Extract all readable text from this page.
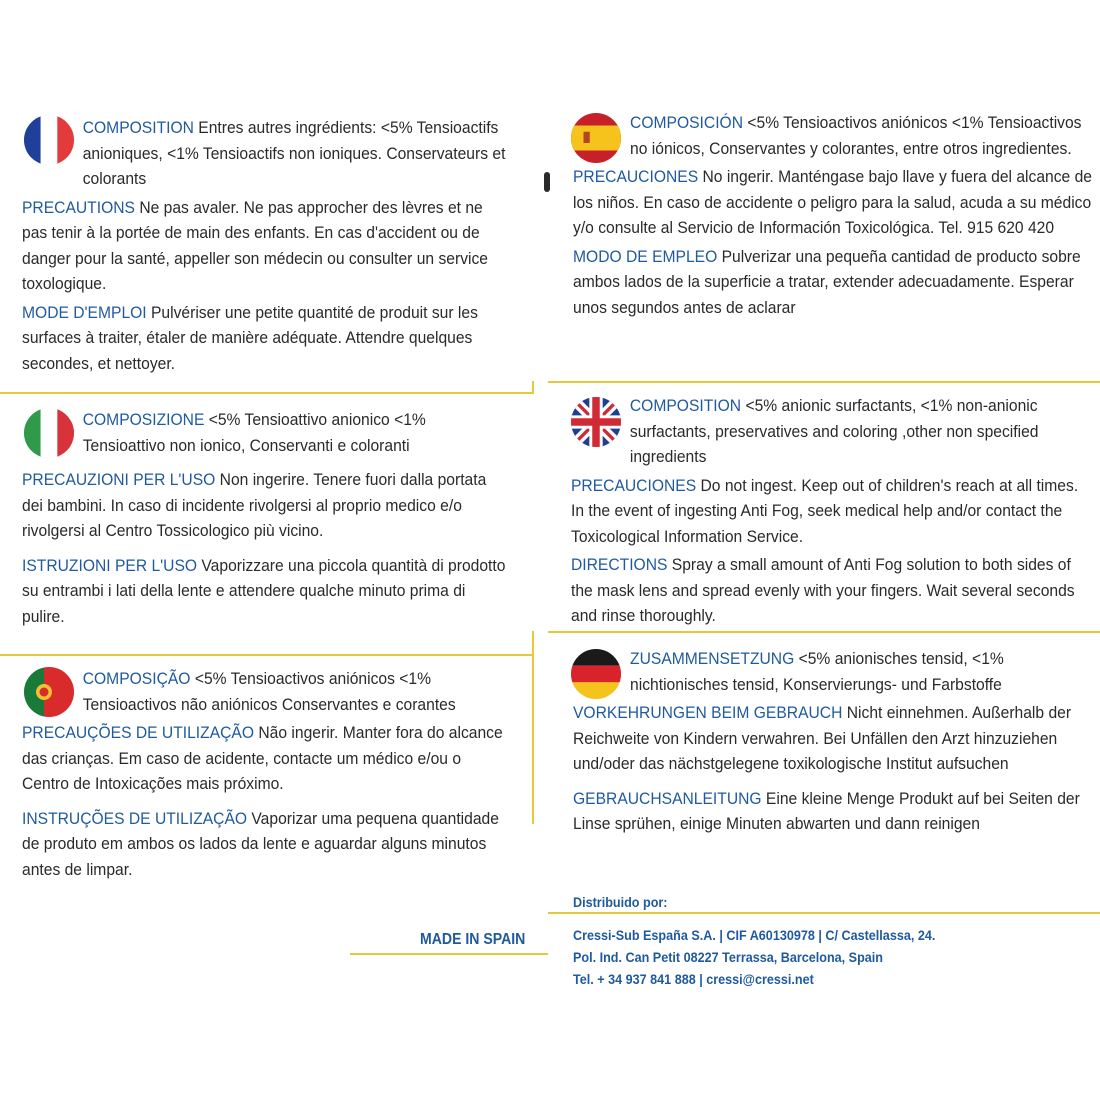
COMPOSITION Entres autres ingrédients: <5% Tensioactifs anioniques, <1% Tensioactifs non ioniques. Conservateurs et colorants

PRECAUTIONS Ne pas avaler. Ne pas approcher des lèvres et ne pas tenir à la portée de main des enfants. En cas d'accident ou de danger pour la santé, appeller son médecin ou consulter un service toxologique.

MODE D'EMPLOI Pulvériser une petite quantité de produit sur les surfaces à traiter, étaler de manière adéquate. Attendre quelques secondes, et nettoyer.

COMPOSIZIONE <5% Tensioattivo anionico <1% Tensioattivo non ionico, Conservanti e coloranti

PRECAUZIONI PER L'USO Non ingerire. Tenere fuori dalla portata dei bambini. In caso di incidente rivolgersi al proprio medico e/o rivolgersi al Centro Tossicologico più vicino.

ISTRUZIONI PER L'USO Vaporizzare una piccola quantità di prodotto su entrambi i lati della lente e attendere qualche minuto prima di pulire.

COMPOSIÇÃO <5% Tensioactivos aniónicos <1% Tensioactivos não aniónicos Conservantes e corantes

PRECAUÇÕES DE UTILIZAÇÃO Não ingerir. Manter fora do alcance das crianças. Em caso de acidente, contacte um médico e/ou o Centro de Intoxicações mais próximo.

INSTRUÇÕES DE UTILIZAÇÃO Vaporizar uma pequena quantidade de produto em ambos os lados da lente e aguardar alguns minutos antes de limpar.

COMPOSICIÓN <5% Tensioactivos aniónicos <1% Tensioactivos no iónicos, Conservantes y colorantes, entre otros ingredientes.

PRECAUCIONES No ingerir. Manténgase bajo llave y fuera del alcance de los niños. En caso de accidente o peligro para la salud, acuda a su médico y/o consulte al Servicio de Información Toxicológica. Tel. 915 620 420

MODO DE EMPLEO Pulverizar una pequeña cantidad de producto sobre ambos lados de la superficie a tratar, extender adecuadamente. Esperar unos segundos antes de aclarar

COMPOSITION <5% anionic surfactants, <1% non-anionic surfactants, preservatives and coloring ,other non specified ingredients

PRECAUCIONES Do not ingest. Keep out of children's reach at all times. In the event of ingesting Anti Fog, seek medical help and/or contact the Toxicological Information Service.

DIRECTIONS Spray a small amount of Anti Fog solution to both sides of the mask lens and spread evenly with your fingers. Wait several seconds and rinse thoroughly.

ZUSAMMENSETZUNG <5% anionisches tensid, <1% nichtionisches tensid, Konservierungs- und Farbstoffe

VORKEHRUNGEN BEIM GEBRAUCH Nicht einnehmen. Außerhalb der Reichweite von Kindern verwahren. Bei Unfällen den Arzt hinzuziehen und/oder das nächstgelegene toxikologische Institut aufsuchen

GEBRAUCHSANLEITUNG Eine kleine Menge Produkt auf bei Seiten der Linse sprühen, einige Minuten abwarten und dann reinigen

MADE IN SPAIN
Distribuido por:
Cressi-Sub España S.A. | CIF A60130978 | C/ Castellassa, 24.
Pol. Ind. Can Petit 08227 Terrassa, Barcelona, Spain
Tel. + 34 937 841 888 | cressi@cressi.net
